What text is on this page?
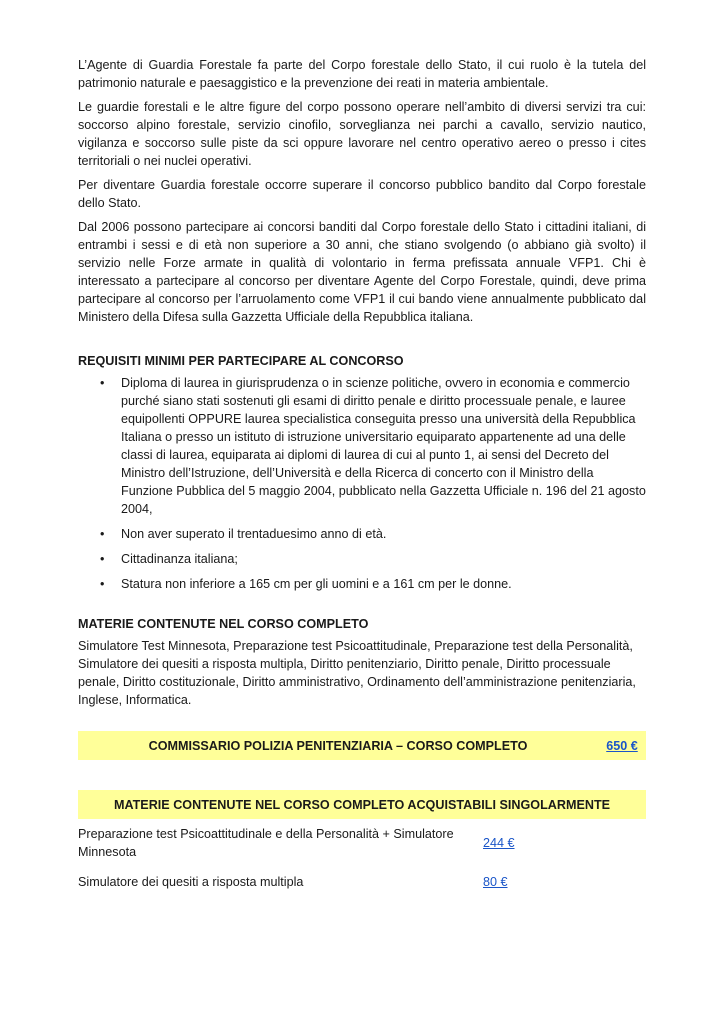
L’Agente di Guardia Forestale fa parte del Corpo forestale dello Stato, il cui ruolo è la tutela del patrimonio naturale e paesaggistico e la prevenzione dei reati in materia ambientale.

Le guardie forestali e le altre figure del corpo possono operare nell’ambito di diversi servizi tra cui: soccorso alpino forestale, servizio cinofilo, sorveglianza nei parchi a cavallo, servizio nautico, vigilanza e soccorso sulle piste da sci oppure lavorare nel centro operativo aereo o presso i cites territoriali o nei nuclei operativi.

Per diventare Guardia forestale occorre superare il concorso pubblico bandito dal Corpo forestale dello Stato.

Dal 2006 possono partecipare ai concorsi banditi dal Corpo forestale dello Stato i cittadini italiani, di entrambi i sessi e di età non superiore a 30 anni, che stiano svolgendo (o abbiano già svolto) il servizio nelle Forze armate in qualità di volontario in ferma prefissata annuale VFP1. Chi è interessato a partecipare al concorso per diventare Agente del Corpo Forestale, quindi, deve prima partecipare al concorso per l’arruolamento come VFP1 il cui bando viene annualmente pubblicato dal Ministero della Difesa sulla Gazzetta Ufficiale della Repubblica italiana.

REQUISITI MINIMI PER PARTECIPARE AL CONCORSO
• Diploma di laurea in giurisprudenza o in scienze politiche, ovvero in economia e commercio purché siano stati sostenuti gli esami di diritto penale e diritto processuale penale, e lauree equipollenti OPPURE laurea specialistica conseguita presso una università della Repubblica Italiana o presso un istituto di istruzione universitario equiparato appartenente ad una delle classi di laurea, equiparata ai diplomi di laurea di cui al punto 1, ai sensi del Decreto del Ministro dell’Istruzione, dell’Università e della Ricerca di concerto con il Ministro della Funzione Pubblica del 5 maggio 2004, pubblicato nella Gazzetta Ufficiale n. 196 del 21 agosto 2004,
• Non aver superato il trentaduesimo anno di età.
• Cittadinanza italiana;
• Statura non inferiore a 165 cm per gli uomini e a 161 cm per le donne.
MATERIE CONTENUTE NEL CORSO COMPLETO

Simulatore Test Minnesota, Preparazione test Psicoattitudinale, Preparazione test della Personalità, Simulatore dei quesiti a risposta multipla, Diritto penitenziario, Diritto penale, Diritto processuale penale, Diritto costituzionale, Diritto amministrativo, Ordinamento dell’amministrazione penitenziaria, Inglese, Informatica.

COMMISSARIO POLIZIA PENITENZIARIA – CORSO COMPLETO	650 €
MATERIE CONTENUTE NEL CORSO COMPLETO ACQUISTABILI SINGOLARMENTE
Preparazione test Psicoattitudinale e della Personalità + Simulatore Minnesota
244 €
Simulatore dei quesiti a risposta multipla	80 €
